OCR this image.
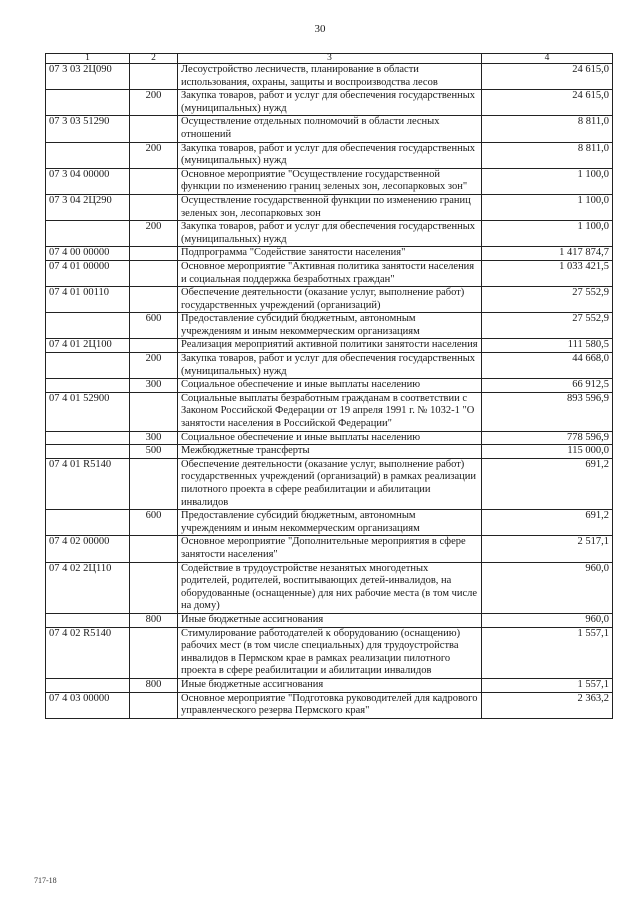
30
1	2	3	4
07 3 03 2Ц090		Лесоустройство лесничеств, планирование в области использования, охраны, защиты и воспроизводства лесов	24 615,0
	200	Закупка товаров, работ и услуг для обеспечения государственных (муниципальных) нужд	24 615,0
07 3 03 51290		Осуществление отдельных полномочий в области лесных отношений	8 811,0
	200	Закупка товаров, работ и услуг для обеспечения государственных (муниципальных) нужд	8 811,0
07 3 04 00000		Основное мероприятие "Осуществление государственной функции по изменению границ зеленых зон, лесопарковых зон"	1 100,0
07 3 04 2Ц290		Осуществление государственной функции по изменению границ зеленых зон, лесопарковых зон	1 100,0
	200	Закупка товаров, работ и услуг для обеспечения государственных (муниципальных) нужд	1 100,0
07 4 00 00000		Подпрограмма "Содействие занятости населения"	1 417 874,7
07 4 01 00000		Основное мероприятие "Активная политика занятости населения и социальная поддержка безработных граждан"	1 033 421,5
07 4 01 00110		Обеспечение деятельности (оказание услуг, выполнение работ) государственных учреждений (организаций)	27 552,9
	600	Предоставление субсидий бюджетным, автономным учреждениям и иным некоммерческим организациям	27 552,9
07 4 01 2Ц100		Реализация мероприятий активной политики занятости населения	111 580,5
	200	Закупка товаров, работ и услуг для обеспечения государственных (муниципальных) нужд	44 668,0
	300	Социальное обеспечение и иные выплаты населению	66 912,5
07 4 01 52900		Социальные выплаты безработным гражданам в соответствии с Законом Российской Федерации от 19 апреля 1991 г. № 1032-1 "О занятости населения в Российской Федерации"	893 596,9
	300	Социальное обеспечение и иные выплаты населению	778 596,9
	500	Межбюджетные трансферты	115 000,0
07 4 01 R5140		Обеспечение деятельности (оказание услуг, выполнение работ) государственных учреждений (организаций) в рамках реализации пилотного проекта в сфере реабилитации и абилитации инвалидов	691,2
	600	Предоставление субсидий бюджетным, автономным учреждениям и иным некоммерческим организациям	691,2
07 4 02 00000		Основное мероприятие "Дополнительные мероприятия в сфере занятости населения"	2 517,1
07 4 02 2Ц110		Содействие в трудоустройстве незанятых многодетных родителей, родителей, воспитывающих детей-инвалидов, на оборудованные (оснащенные) для них рабочие места (в том числе на дому)	960,0
	800	Иные бюджетные ассигнования	960,0
07 4 02 R5140		Стимулирование работодателей к оборудованию (оснащению) рабочих мест (в том числе специальных) для трудоустройства инвалидов в Пермском крае в рамках реализации пилотного проекта в сфере реабилитации и абилитации инвалидов	1 557,1
	800	Иные бюджетные ассигнования	1 557,1
07 4 03 00000		Основное мероприятие "Подготовка руководителей для кадрового управленческого резерва Пермского края"	2 363,2
717-18
